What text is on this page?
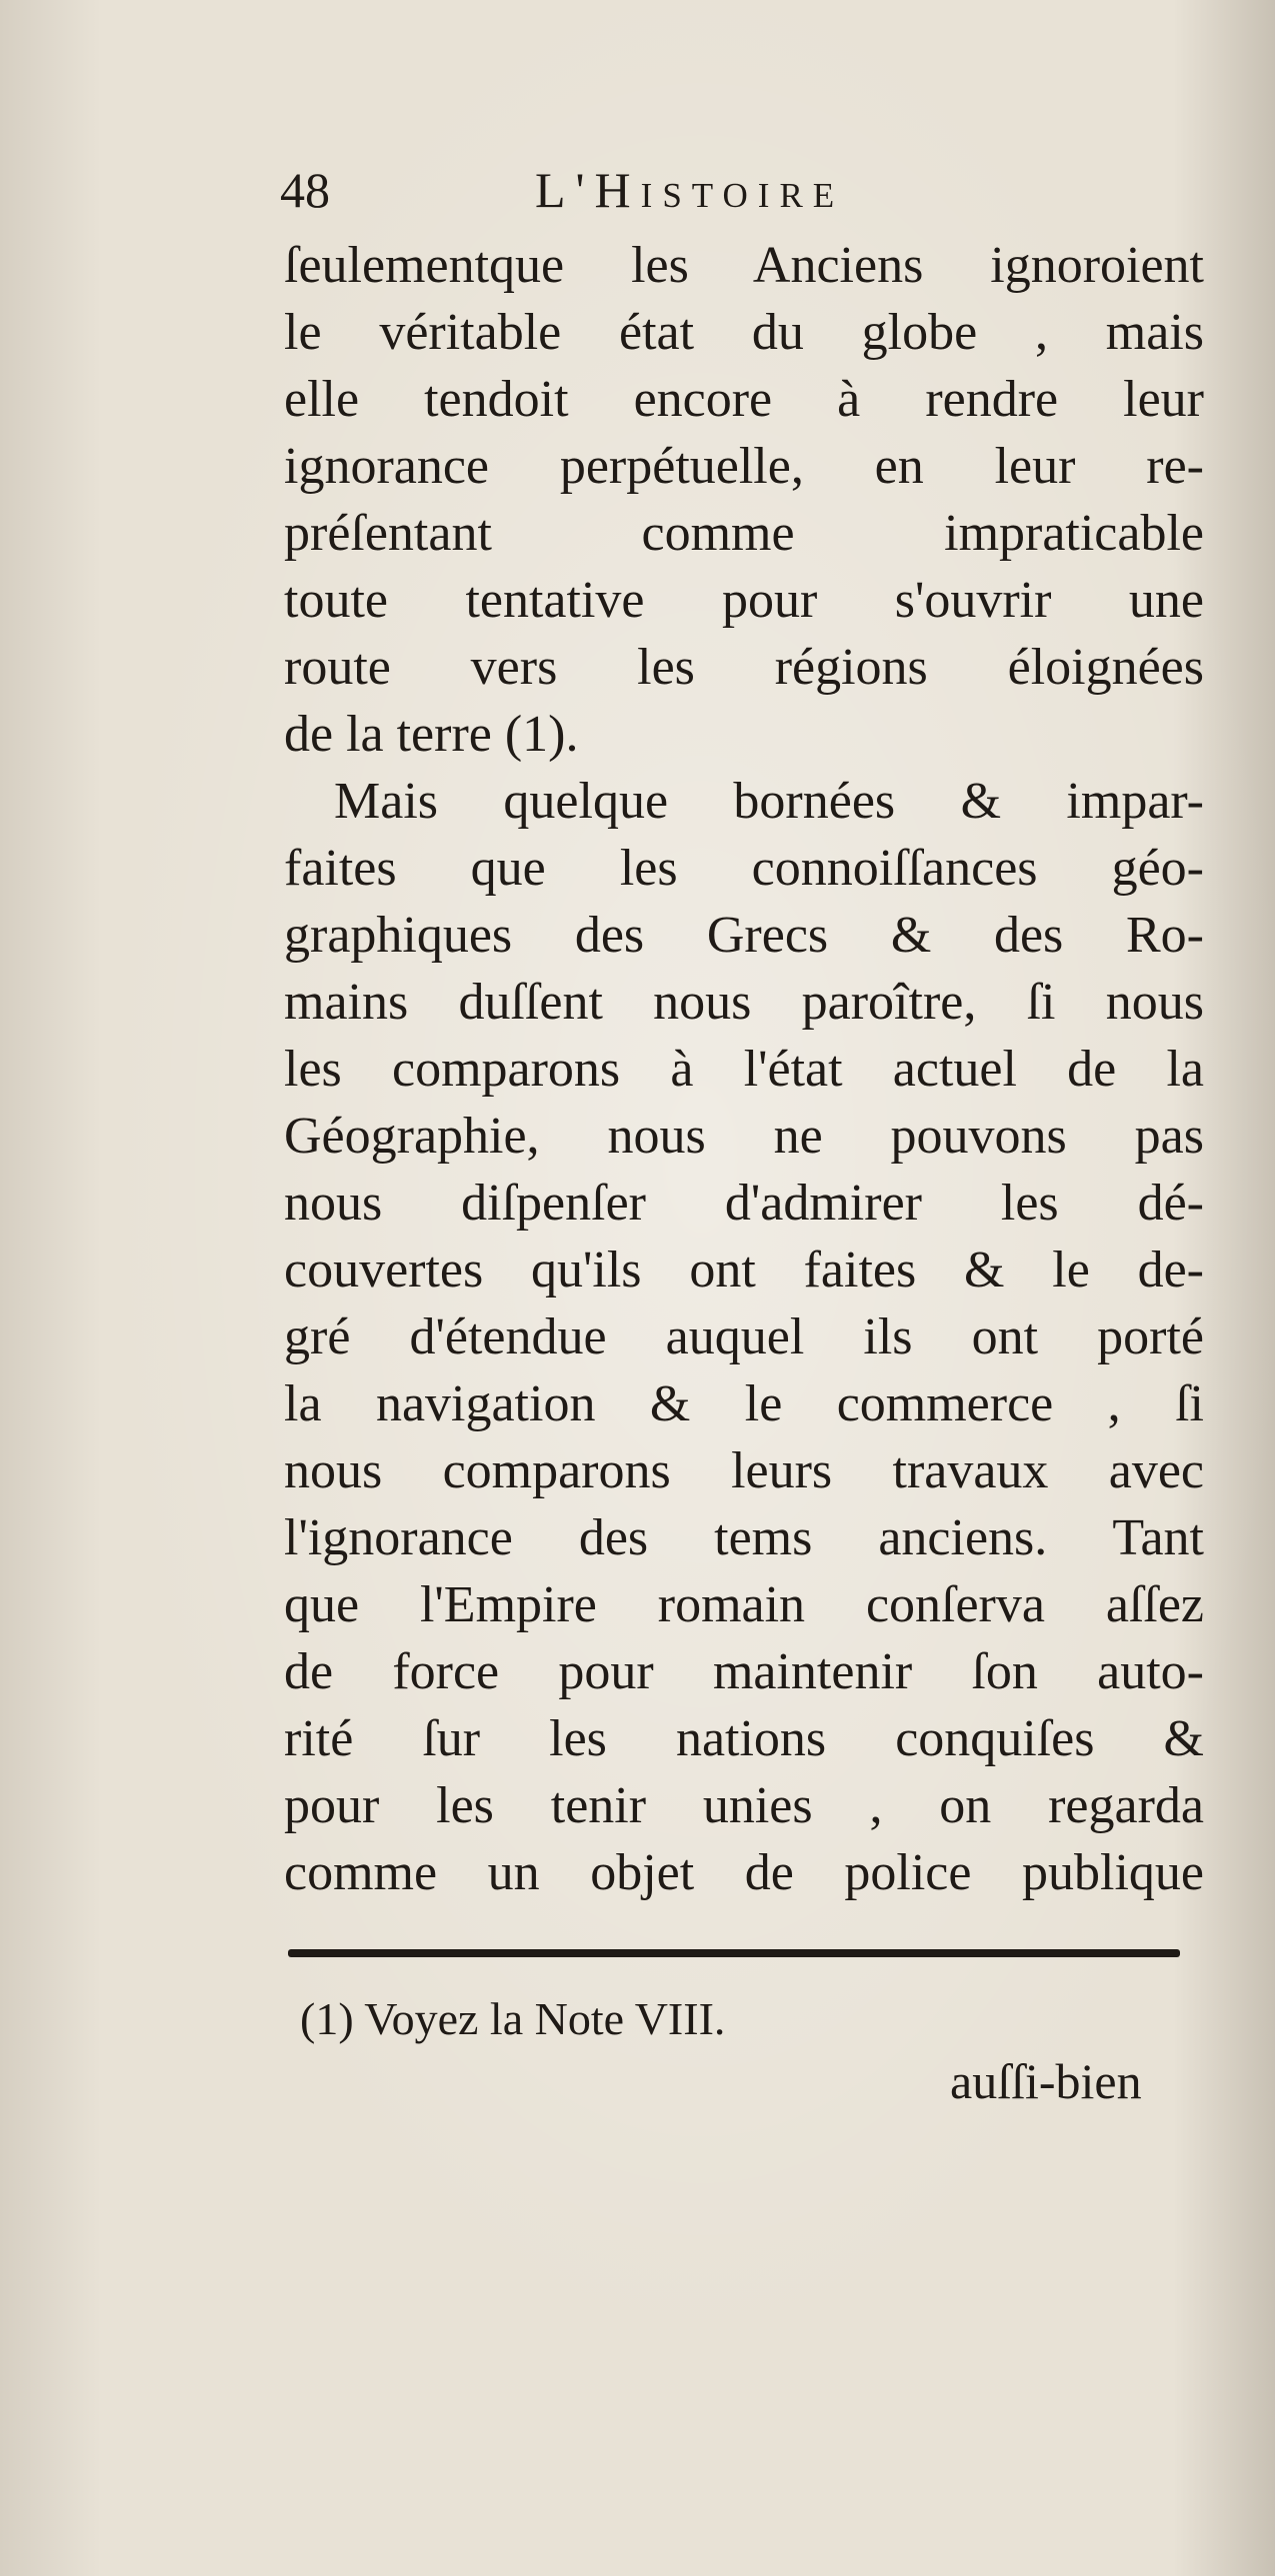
48	L'Histoire
ſeulementque les Anciens ignoroient
le véritable état du globe , mais
elle tendoit encore à rendre leur
ignorance perpétuelle, en leur re-
préſentant comme impraticable
toute tentative pour s'ouvrir une
route vers les régions éloignées
de la terre (1).
Mais quelque bornées & impar-
faites que les connoiſſances géo-
graphiques des Grecs & des Ro-
mains duſſent nous paroître, ſi nous
les comparons à l'état actuel de la
Géographie, nous ne pouvons pas
nous diſpenſer d'admirer les dé-
couvertes qu'ils ont faites & le de-
gré d'étendue auquel ils ont porté
la navigation & le commerce , ſi
nous comparons leurs travaux avec
l'ignorance des tems anciens. Tant
que l'Empire romain conſerva aſſez
de force pour maintenir ſon auto-
rité ſur les nations conquiſes &
pour les tenir unies , on regarda
comme un objet de police publique
(1) Voyez la Note VIII.
auſſi-bien
